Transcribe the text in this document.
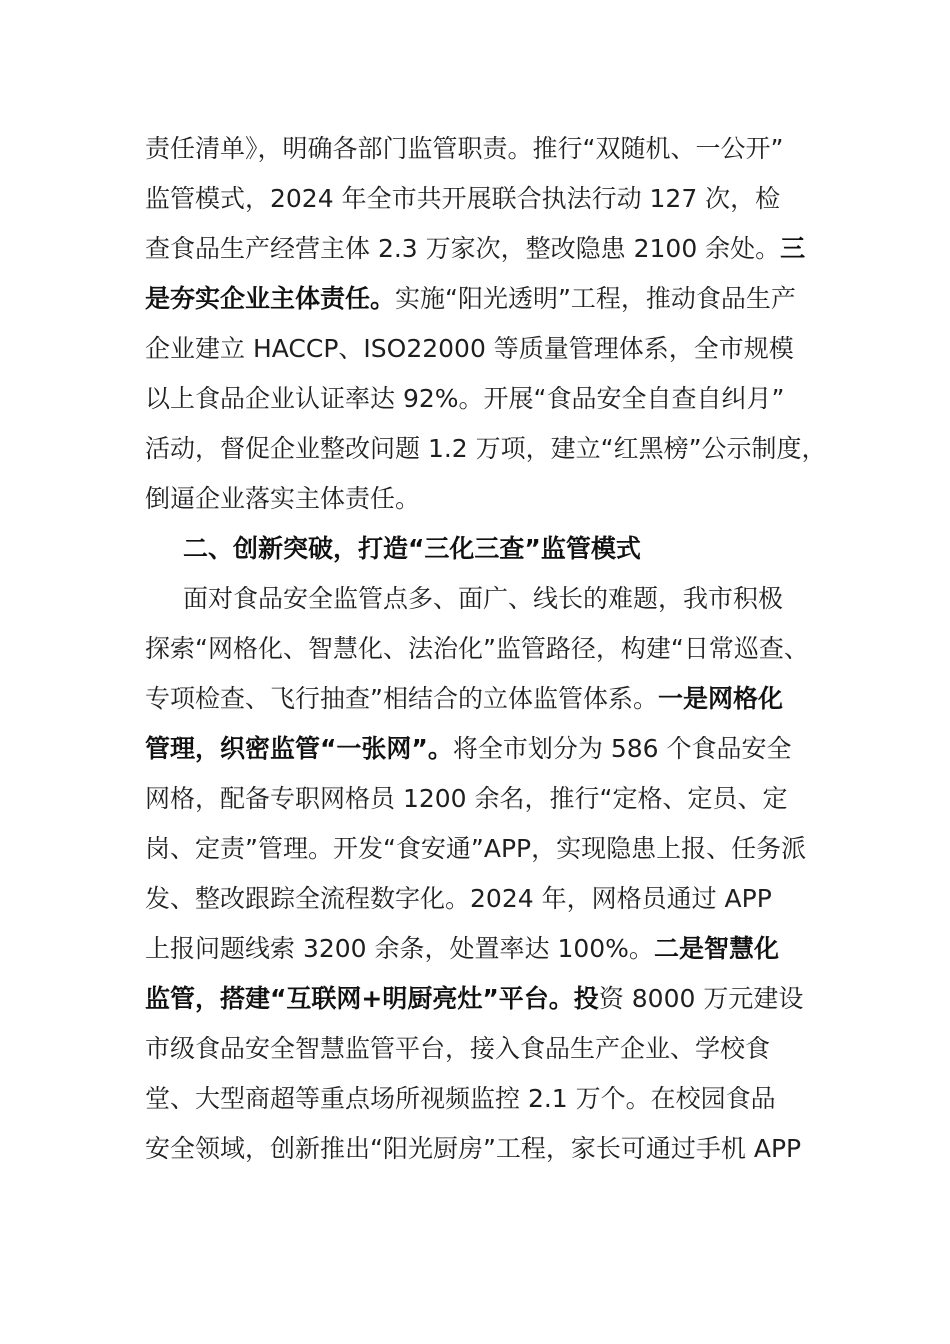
责任清单》，明确各部门监管职责。推行“双随机、一公开”
监管模式，2024 年全市共开展联合执法行动 127 次，检
查食品生产经营主体 2.3 万家次，整改隐患 2100 余处。 三
是夯实企业主体责任。 实施“阳光透明”工程，推动食品生产
企业建立 HACCP、ISO22000 等质量管理体系，全市规模
以上食品企业认证率达 92%。开展“食品安全自查自纠月”
活动，督促企业整改问题 1.2 万项，建立“红黑榜”公示制度，
倒逼企业落实主体责任。
二、创新突破，打造“三化三查”监管模式
面对食品安全监管点多、面广、线长的难题，我市积极
探索“网格化、智慧化、法治化”监管路径，构建“日常巡查、
专项检查、飞行抽查”相结合的立体监管体系。 一是网格化
管理，织密监管“一张网”。 将全市划分为 586 个食品安全
网格，配备专职网格员 1200 余名，推行“定格、定员、定
岗、定责”管理。开发“食安通”APP，实现隐患上报、任务派
发、整改跟踪全流程数字化。2024 年，网格员通过 APP
上报问题线索 3200 余条，处置率达 100%。 二是智慧化
监管，搭建“互联网+明厨亮灶”平台。投 资 8000 万元建设
市级食品安全智慧监管平台，接入食品生产企业、学校食
堂、大型商超等重点场所视频监控 2.1 万个。在校园食品
安全领域，创新推出“阳光厨房”工程，家长可通过手机 APP
